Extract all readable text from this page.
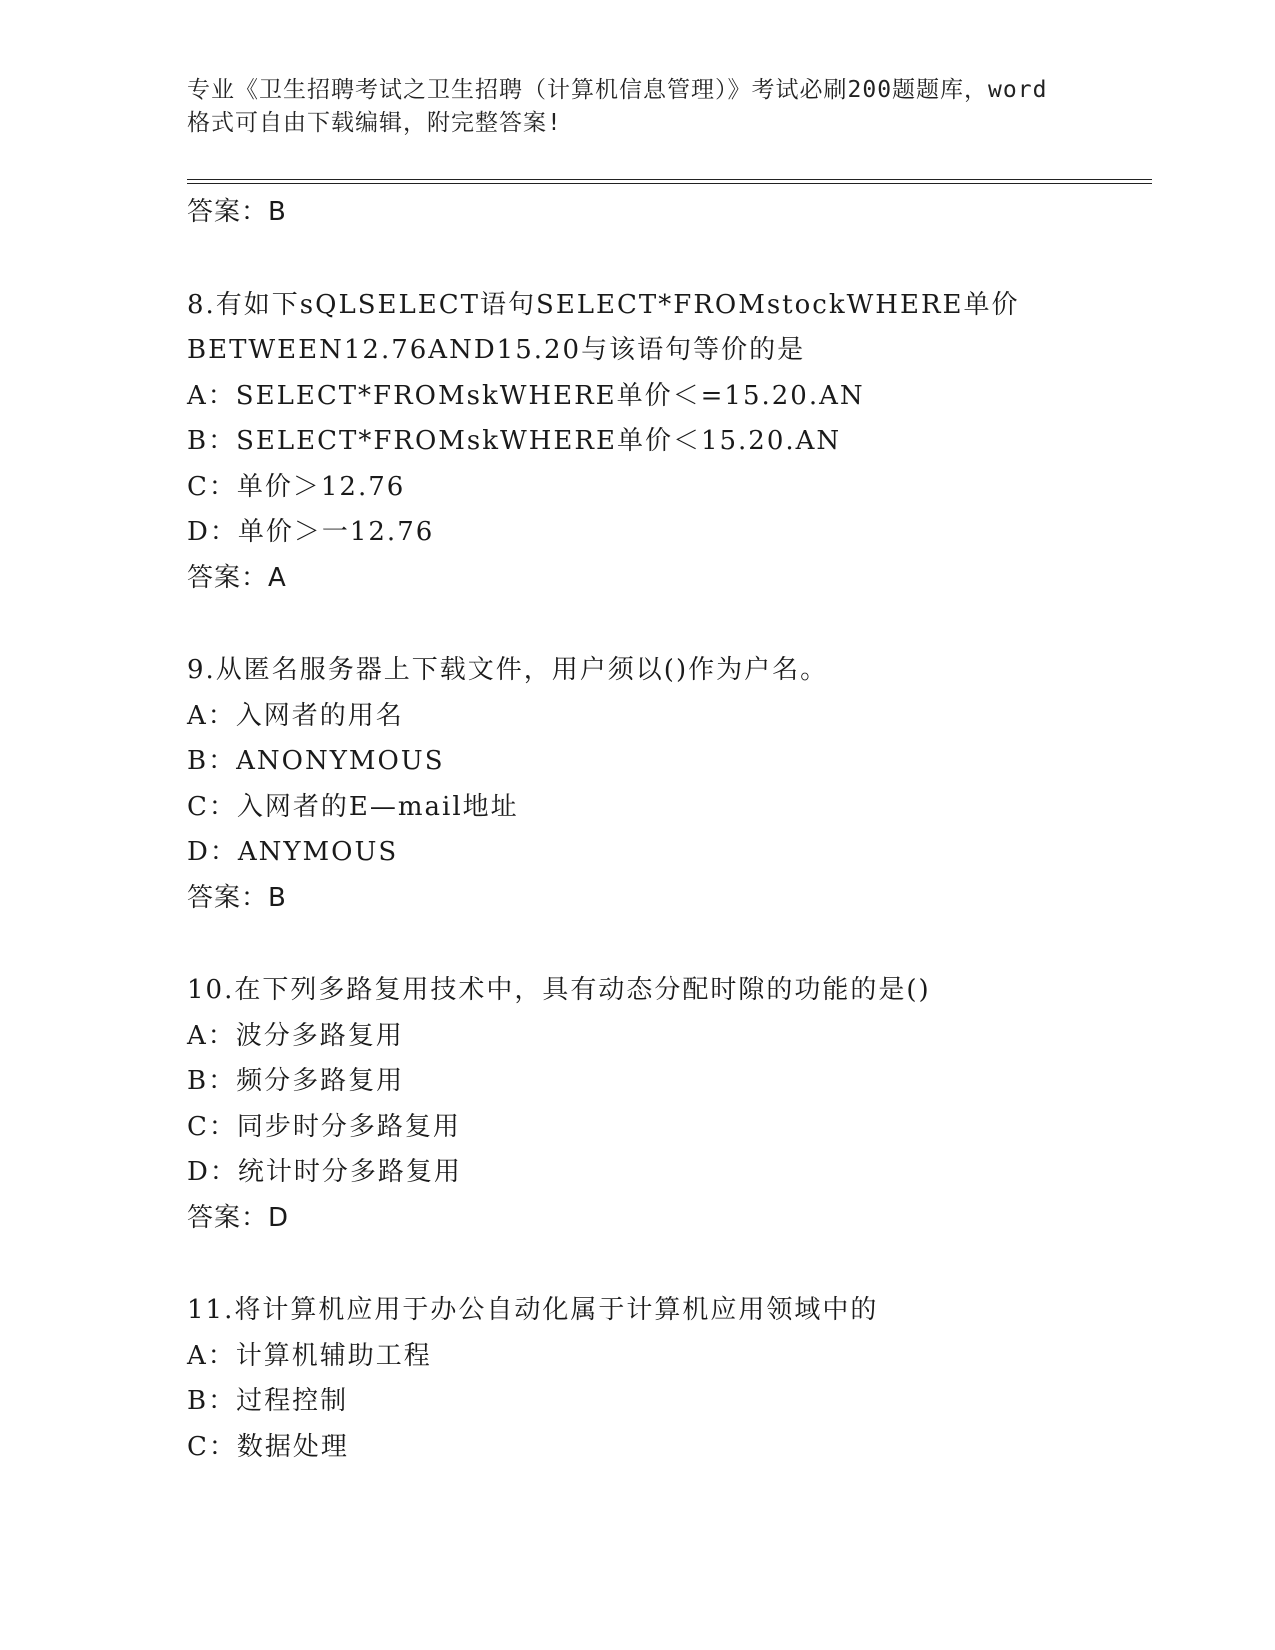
专业《卫生招聘考试之卫生招聘（计算机信息管理）》考试必刷200题题库，word
格式可自由下载编辑，附完整答案!
答案：B
8.有如下sQLSELECT语句SELECT*FROMstockWHERE单价
BETWEEN12.76AND15.20与该语句等价的是
A：SELECT*FROMskWHERE单价＜=15.20.AN
B：SELECT*FROMskWHERE单价＜15.20.AN
C：单价＞12.76
D：单价＞一12.76
答案：A
9.从匿名服务器上下载文件，用户须以()作为户名。
A：入网者的用名
B：ANONYMOUS
C：入网者的E—mail地址
D：ANYMOUS
答案：B
10.在下列多路复用技术中，具有动态分配时隙的功能的是()
A：波分多路复用
B：频分多路复用
C：同步时分多路复用
D：统计时分多路复用
答案：D
11.将计算机应用于办公自动化属于计算机应用领域中的
A：计算机辅助工程
B：过程控制
C：数据处理
